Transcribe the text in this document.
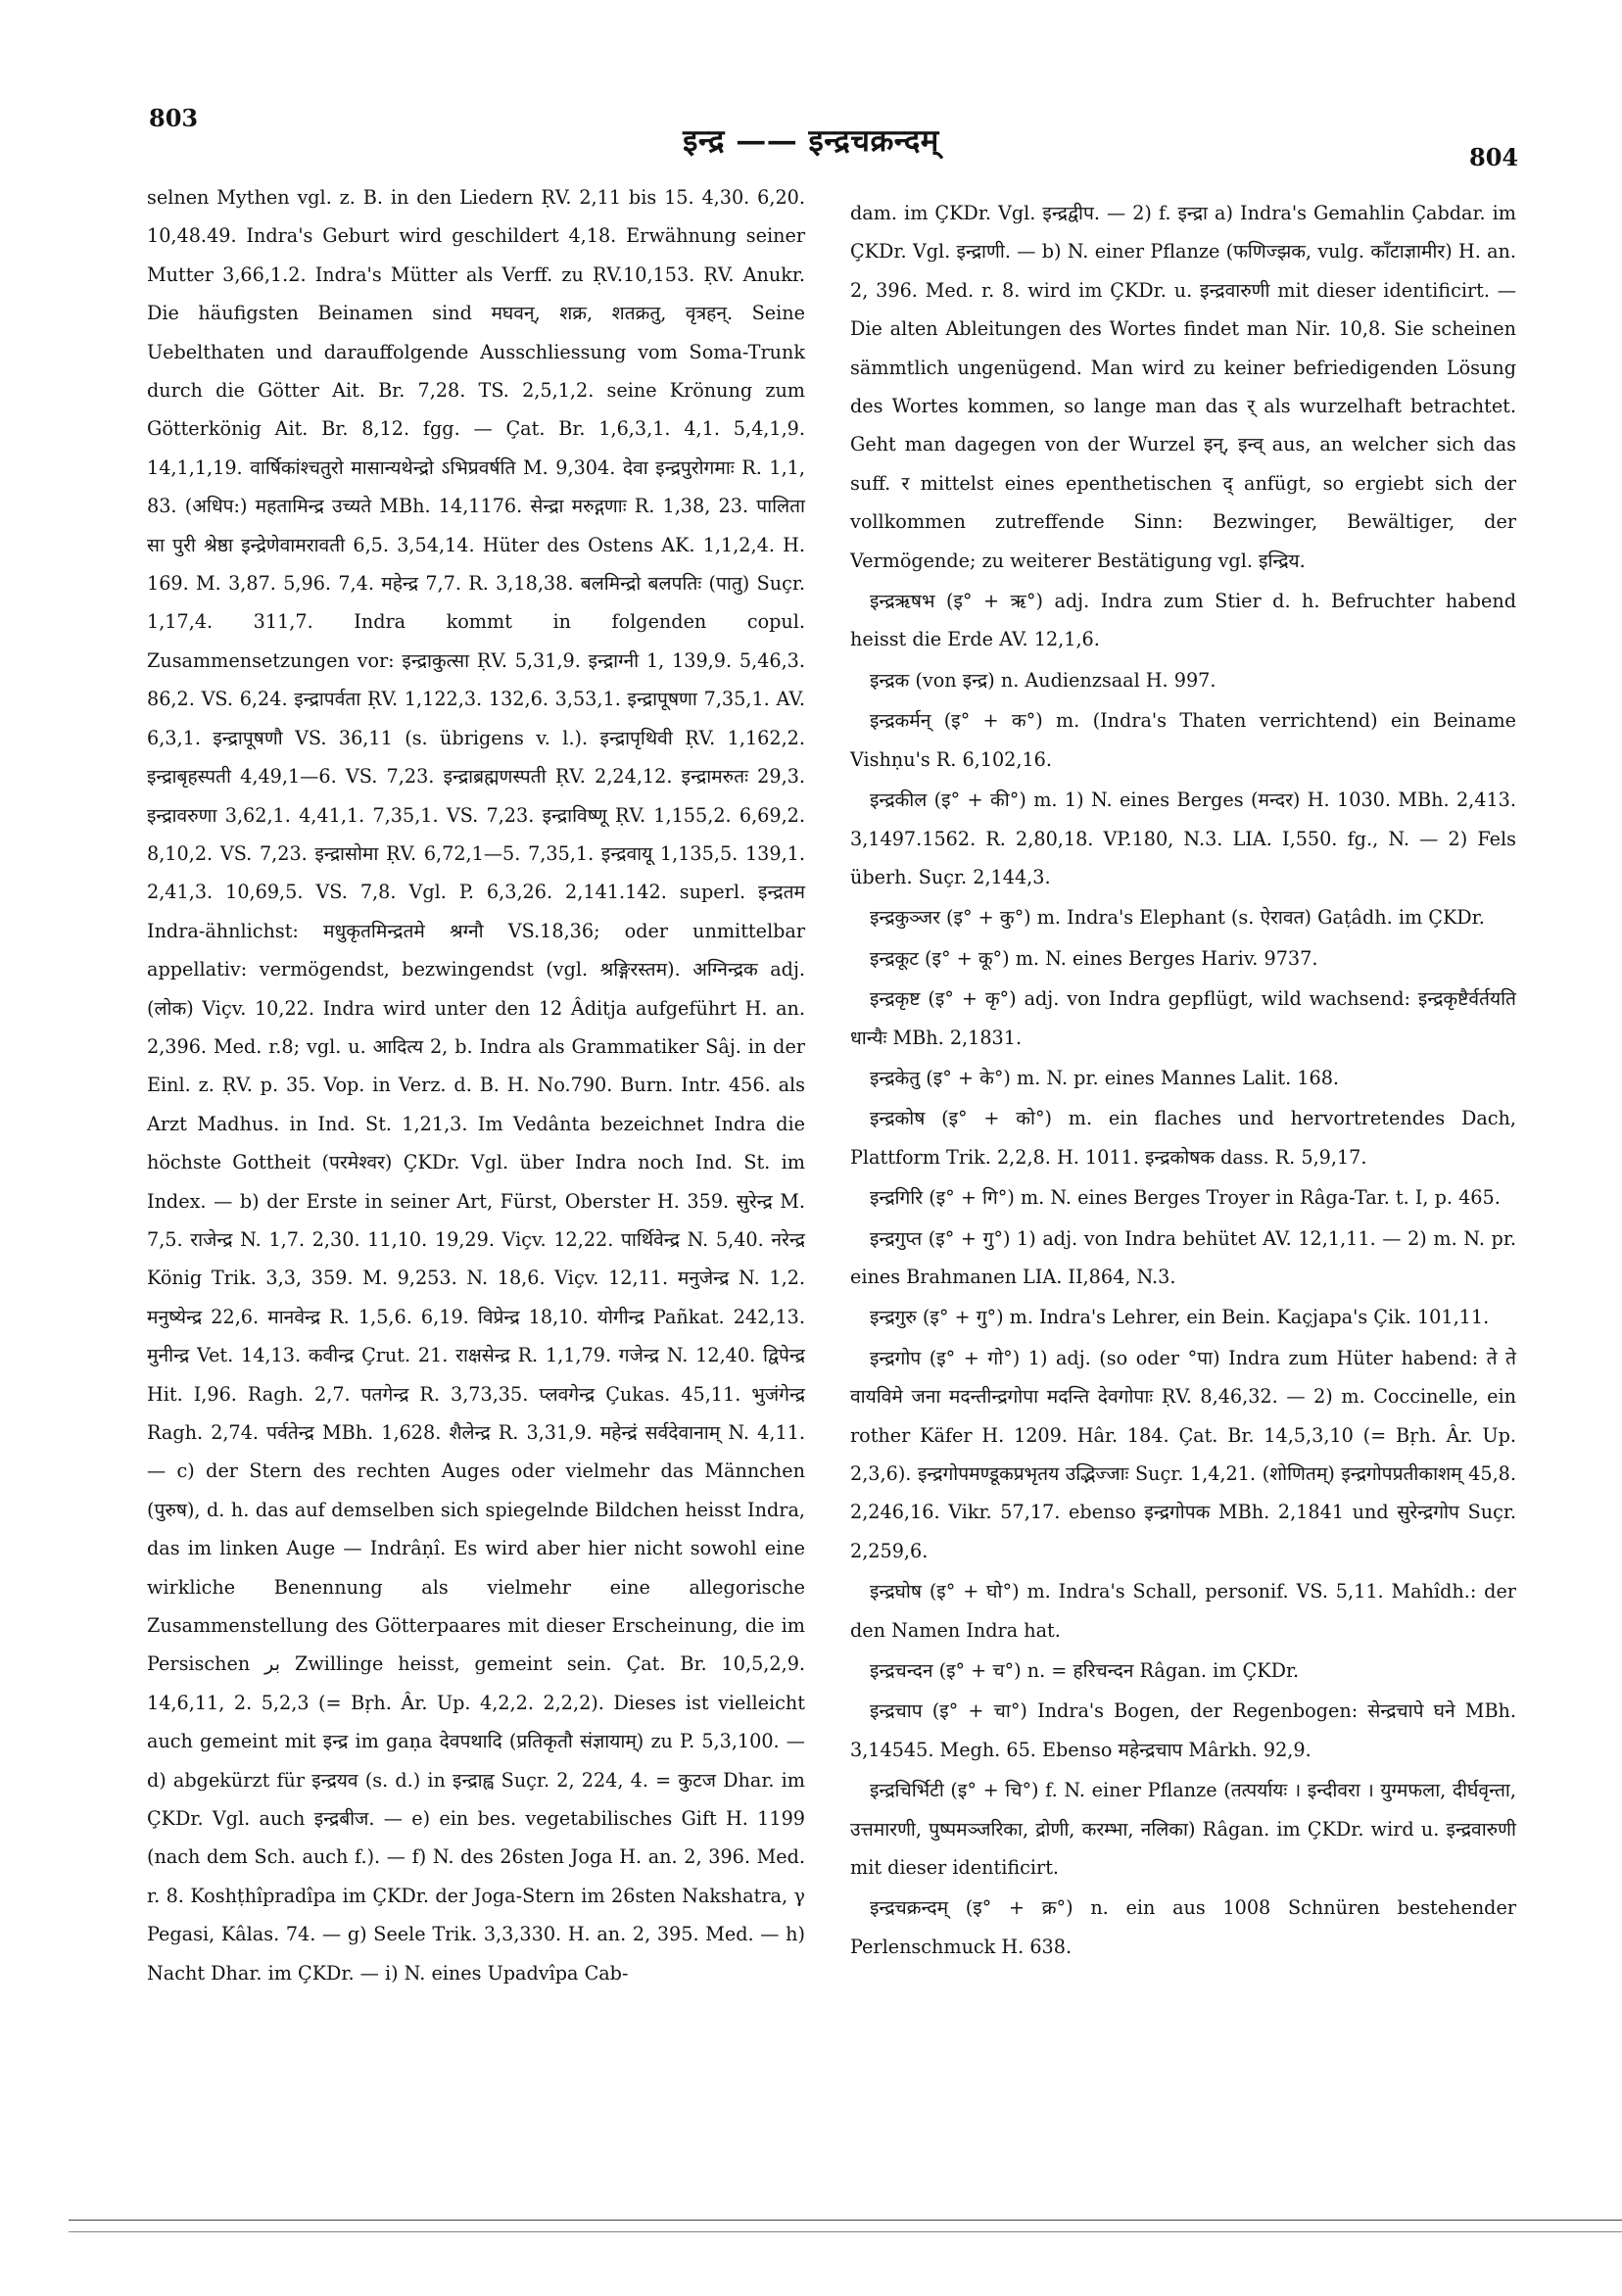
803
इन्द्र —— इन्द्रचक्रन्दम्	804

selnen Mythen vgl. z. B. in den Liedern ṚV. 2,11 bis 15. 4,30. 6,20. 10,48.49. Indra's Geburt wird geschildert 4,18. Erwähnung seiner Mutter 3,66,1.2. Indra's Mütter als Verff. zu ṚV.10,153. ṚV. Anukr. Die häufigsten Beinamen sind मघवन्, शक्र, शतक्रतु, वृत्रहन्. Seine Uebelthaten und darauffolgende Ausschliessung vom Soma-Trunk durch die Götter Ait. Br. 7,28. TS. 2,5,1,2. seine Krönung zum Götterkönig Ait. Br. 8,12. fgg. — Çat. Br. 1,6,3,1. 4,1. 5,4,1,9. 14,1,1,19. वार्षिकांश्चतुरो मासान्यथेन्द्रो ऽभिप्रवर्षति M. 9,304. देवा इन्द्रपुरोगमाः R. 1,1, 83. (अधिप:) महतामिन्द्र उच्यते MBh. 14,1176. सेन्द्रा मरुद्गणाः R. 1,38, 23. पालिता सा पुरी श्रेष्ठा इन्द्रेणेवामरावती 6,5. 3,54,14. Hüter des Ostens AK. 1,1,2,4. H. 169. M. 3,87. 5,96. 7,4. महेन्द्र 7,7. R. 3,18,38. बलमिन्द्रो बलपतिः (पातु) Suçr. 1,17,4. 311,7. Indra kommt in folgenden copul. Zusammensetzungen vor: इन्द्राकुत्सा ṚV. 5,31,9. इन्द्राग्नी 1, 139,9. 5,46,3. 86,2. VS. 6,24. इन्द्रापर्वता ṚV. 1,122,3. 132,6. 3,53,1. इन्द्रापूषणा 7,35,1. AV. 6,3,1. इन्द्रापूषणौ VS. 36,11 (s. übrigens v. l.). इन्द्रापृथिवी ṚV. 1,162,2. इन्द्राबृहस्पती 4,49,1—6. VS. 7,23. इन्द्राब्रह्मणस्पती ṚV. 2,24,12. इन्द्रामरुतः 29,3. इन्द्रावरुणा 3,62,1. 4,41,1. 7,35,1. VS. 7,23. इन्द्राविष्णू ṚV. 1,155,2. 6,69,2. 8,10,2. VS. 7,23. इन्द्रासोमा ṚV. 6,72,1—5. 7,35,1. इन्द्रवायू 1,135,5. 139,1. 2,41,3. 10,69,5. VS. 7,8. Vgl. P. 6,3,26. 2,141.142. superl. इन्द्रतम Indra-ähnlichst: मधुकृतमिन्द्रतमे श्रग्नौ VS.18,36; oder unmittelbar appellativ: vermögendst, bezwingendst (vgl. श्रङ्गिरस्तम). अग्निन्द्रक adj. (लोक) Viçv. 10,22. Indra wird unter den 12 Âditja aufgeführt H. an. 2,396. Med. r.8; vgl. u. आदित्य 2, b. Indra als Grammatiker Sâj. in der Einl. z. ṚV. p. 35. Vop. in Verz. d. B. H. No.790. Burn. Intr. 456. als Arzt Madhus. in Ind. St. 1,21,3. Im Vedânta bezeichnet Indra die höchste Gottheit (परमेश्वर) ÇKDr. Vgl. über Indra noch Ind. St. im Index. — b) der Erste in seiner Art, Fürst, Oberster H. 359. सुरेन्द्र M. 7,5. राजेन्द्र N. 1,7. 2,30. 11,10. 19,29. Viçv. 12,22. पार्थिवेन्द्र N. 5,40. नरेन्द्र König Trik. 3,3, 359. M. 9,253. N. 18,6. Viçv. 12,11. मनुजेन्द्र N. 1,2. मनुष्येन्द्र 22,6. मानवेन्द्र R. 1,5,6. 6,19. विप्रेन्द्र 18,10. योगीन्द्र Pañkat. 242,13. मुनीन्द्र Vet. 14,13. कवीन्द्र Çrut. 21. राक्षसेन्द्र R. 1,1,79. गजेन्द्र N. 12,40. द्विपेन्द्र Hit. I,96. Ragh. 2,7. पतगेन्द्र R. 3,73,35. प्लवगेन्द्र Çukas. 45,11. भुजंगेन्द्र Ragh. 2,74. पर्वतेन्द्र MBh. 1,628. शैलेन्द्र R. 3,31,9. महेन्द्रं सर्वदेवानाम् N. 4,11. — c) der Stern des rechten Auges oder vielmehr das Männchen (पुरुष), d. h. das auf demselben sich spiegelnde Bildchen heisst Indra, das im linken Auge — Indrâṇî. Es wird aber hier nicht sowohl eine wirkliche Benennung als vielmehr eine allegorische Zusammenstellung des Götterpaares mit dieser Erscheinung, die im Persischen ﺑﺮ Zwillinge heisst, gemeint sein. Çat. Br. 10,5,2,9. 14,6,11, 2. 5,2,3 (= Bṛh. Âr. Up. 4,2,2. 2,2,2). Dieses ist vielleicht auch gemeint mit इन्द्र im gaṇa देवपथादि (प्रतिकृतौ संज्ञायाम्) zu P. 5,3,100. — d) abgekürzt für इन्द्रयव (s. d.) in इन्द्राह्व Suçr. 2, 224, 4. = कुटज Dhar. im ÇKDr. Vgl. auch इन्द्रबीज. — e) ein bes. vegetabilisches Gift H. 1199 (nach dem Sch. auch f.). — f) N. des 26sten Joga H. an. 2, 396. Med. r. 8. Koshṭhîpradîpa im ÇKDr. der Joga-Stern im 26sten Nakshatra, γ Pegasi, Kâlas. 74. — g) Seele Trik. 3,3,330. H. an. 2, 395. Med. — h) Nacht Dhar. im ÇKDr. — i) N. eines Upadvîpa Cab-

dam. im ÇKDr. Vgl. इन्द्रद्वीप. — 2) f. इन्द्रा a) Indra's Gemahlin Çabdar. im ÇKDr. Vgl. इन्द्राणी. — b) N. einer Pflanze (फणिज्झक, vulg. काँटाज्ञामीर) H. an. 2, 396. Med. r. 8. wird im ÇKDr. u. इन्द्रवारुणी mit dieser identificirt. — Die alten Ableitungen des Wortes findet man Nir. 10,8. Sie scheinen sämmtlich ungenügend. Man wird zu keiner befriedigenden Lösung des Wortes kommen, so lange man das र् als wurzelhaft betrachtet. Geht man dagegen von der Wurzel इन्, इन्व् aus, an welcher sich das suff. र mittelst eines epenthetischen द् anfügt, so ergiebt sich der vollkommen zutreffende Sinn: Bezwinger, Bewältiger, der Vermögende; zu weiterer Bestätigung vgl. इन्द्रिय.

इन्द्रऋषभ (इ° + ऋ°) adj. Indra zum Stier d. h. Befruchter habend heisst die Erde AV. 12,1,6.

इन्द्रक (von इन्द्र) n. Audienzsaal H. 997.

इन्द्रकर्मन् (इ° + क°) m. (Indra's Thaten verrichtend) ein Beiname Vishṇu's R. 6,102,16.

इन्द्रकील (इ° + की°) m. 1) N. eines Berges (मन्दर) H. 1030. MBh. 2,413. 3,1497.1562. R. 2,80,18. VP.180, N.3. LIA. I,550. fg., N. — 2) Fels überh. Suçr. 2,144,3.

इन्द्रकुञ्जर (इ° + कु°) m. Indra's Elephant (s. ऐरावत) Gaṭâdh. im ÇKDr.

इन्द्रकूट (इ° + कू°) m. N. eines Berges Hariv. 9737.

इन्द्रकृष्ट (इ° + कृ°) adj. von Indra gepflügt, wild wachsend: इन्द्रकृष्टैर्वर्तयति धान्यैः MBh. 2,1831.

इन्द्रकेतु (इ° + के°) m. N. pr. eines Mannes Lalit. 168.

इन्द्रकोष (इ° + को°) m. ein flaches und hervortretendes Dach, Plattform Trik. 2,2,8. H. 1011. इन्द्रकोषक dass. R. 5,9,17.

इन्द्रगिरि (इ° + गि°) m. N. eines Berges Troyer in Râga-Tar. t. I, p. 465.

इन्द्रगुप्त (इ° + गु°) 1) adj. von Indra behütet AV. 12,1,11. — 2) m. N. pr. eines Brahmanen LIA. II,864, N.3.

इन्द्रगुरु (इ° + गु°) m. Indra's Lehrer, ein Bein. Kaçjapa's Çik. 101,11.

इन्द्रगोप (इ° + गो°) 1) adj. (so oder °पा) Indra zum Hüter habend: ते ते वायविमे जना मदन्तीन्द्रगोपा मदन्ति देवगोपाः ṚV. 8,46,32. — 2) m. Coccinelle, ein rother Käfer H. 1209. Hâr. 184. Çat. Br. 14,5,3,10 (= Bṛh. Âr. Up. 2,3,6). इन्द्रगोपमण्डूकप्रभृतय उद्भिज्जाः Suçr. 1,4,21. (शोणितम्) इन्द्रगोपप्रतीकाशम् 45,8. 2,246,16. Vikr. 57,17. ebenso इन्द्रगोपक MBh. 2,1841 und सुरेन्द्रगोप Suçr. 2,259,6.

इन्द्रघोष (इ° + घो°) m. Indra's Schall, personif. VS. 5,11. Mahîdh.: der den Namen Indra hat.

इन्द्रचन्दन (इ° + च°) n. = हरिचन्दन Râgan. im ÇKDr.

इन्द्रचाप (इ° + चा°) Indra's Bogen, der Regenbogen: सेन्द्रचापे घने MBh. 3,14545. Megh. 65. Ebenso महेन्द्रचाप Mârkh. 92,9.

इन्द्रचिर्भिटी (इ° + चि°) f. N. einer Pflanze (तत्पर्यायः । इन्दीवरा । युग्मफला, दीर्घवृन्ता, उत्तमारणी, पुष्पमञ्जरिका, द्रोणी, करम्भा, नलिका) Râgan. im ÇKDr. wird u. इन्द्रवारुणी mit dieser identificirt.

इन्द्रचक्रन्दम् (इ° + क्र°) n. ein aus 1008 Schnüren bestehender Perlenschmuck H. 638.
